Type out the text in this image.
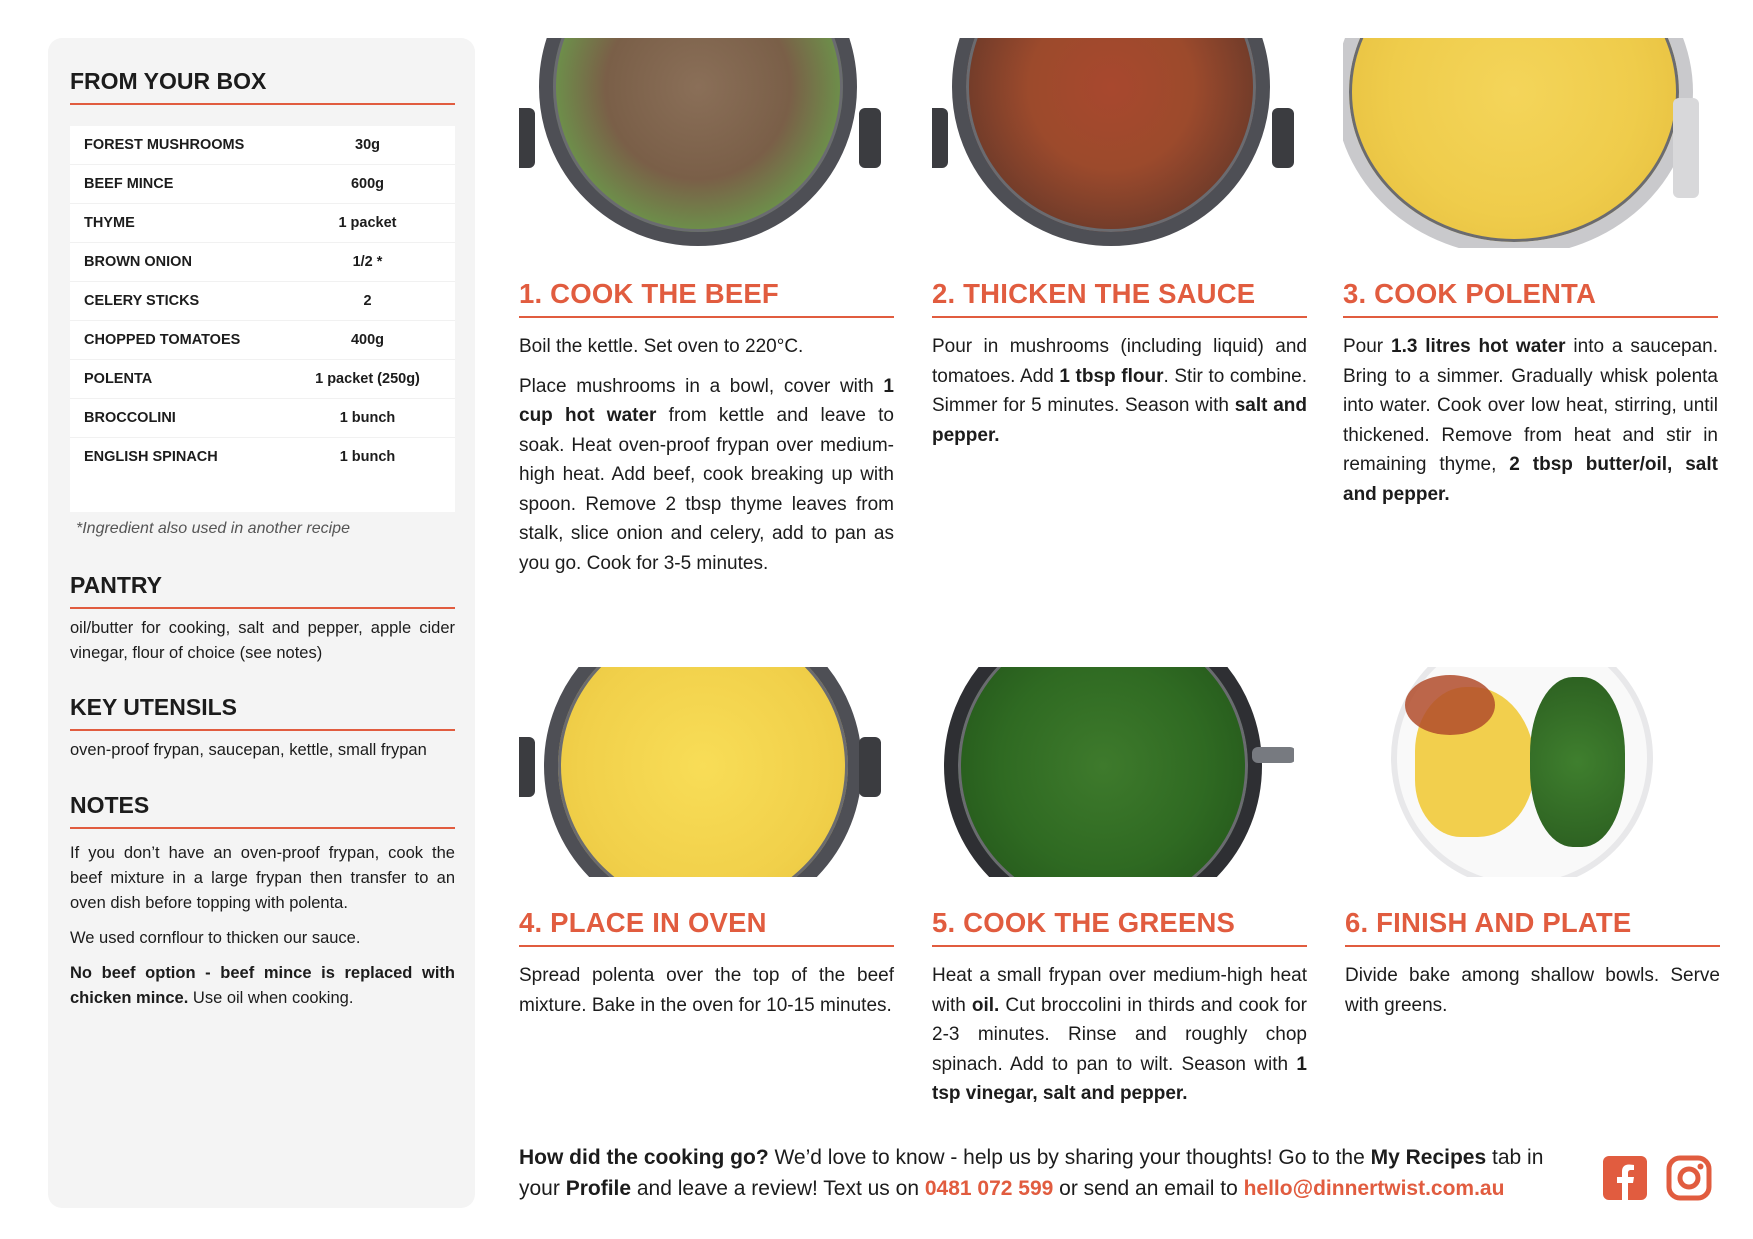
FROM YOUR BOX
FOREST MUSHROOMS	30g
BEEF MINCE	600g
THYME	1 packet
BROWN ONION	1/2 *
CELERY STICKS	2
CHOPPED TOMATOES	400g
POLENTA	1 packet (250g)
BROCCOLINI	1 bunch
ENGLISH SPINACH	1 bunch
*Ingredient also used in another recipe
PANTRY

oil/butter for cooking, salt and pepper, apple cider vinegar, flour of choice (see notes)

KEY UTENSILS

oven-proof frypan, saucepan, kettle, small frypan

NOTES

If you don’t have an oven-proof frypan, cook the beef mixture in a large frypan then transfer to an oven dish before topping with polenta.

We used cornflour to thicken our sauce.

No beef option - beef mince is replaced with chicken mince. Use oil when cooking.

1. COOK THE BEEF

Boil the kettle. Set oven to 220°C.

Place mushrooms in a bowl, cover with 1 cup hot water from kettle and leave to soak. Heat oven-proof frypan over medium-high heat. Add beef, cook breaking up with spoon. Remove 2 tbsp thyme leaves from stalk, slice onion and celery, add to pan as you go. Cook for 3-5 minutes.

2. THICKEN THE SAUCE

Pour in mushrooms (including liquid) and tomatoes. Add 1 tbsp flour. Stir to combine. Simmer for 5 minutes. Season with salt and pepper.

3. COOK POLENTA

Pour 1.3 litres hot water into a saucepan. Bring to a simmer. Gradually whisk polenta into water. Cook over low heat, stirring, until thickened. Remove from heat and stir in remaining thyme, 2 tbsp butter/oil, salt and pepper.

4. PLACE IN OVEN

Spread polenta over the top of the beef mixture. Bake in the oven for 10-15 minutes.

5. COOK THE GREENS

Heat a small frypan over medium-high heat with oil. Cut broccolini in thirds and cook for 2-3 minutes. Rinse and roughly chop spinach. Add to pan to wilt. Season with 1 tsp vinegar, salt and pepper.

6. FINISH AND PLATE

Divide bake among shallow bowls. Serve with greens.

How did the cooking go? We’d love to know - help us by sharing your thoughts! Go to the My Recipes tab in your Profile and leave a review! Text us on 0481 072 599 or send an email to hello@dinnertwist.com.au
